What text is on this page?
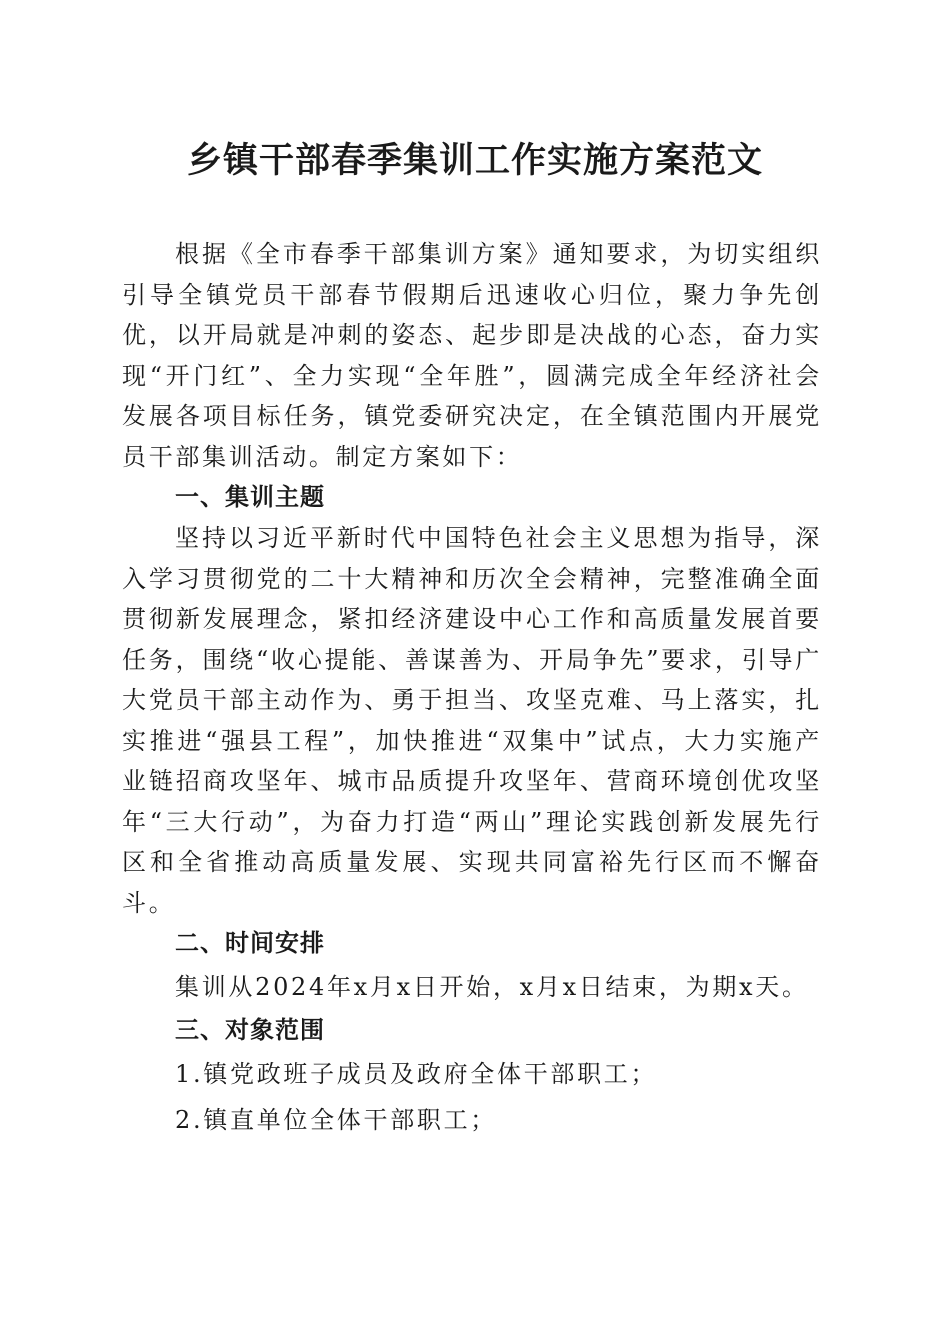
乡镇干部春季集训工作实施方案范文

根据《全市春季干部集训方案》通知要求，为切实组织引导全镇党员干部春节假期后迅速收心归位，聚力争先创优，以开局就是冲刺的姿态、起步即是决战的心态，奋力实现“开门红”、全力实现“全年胜”，圆满完成全年经济社会发展各项目标任务，镇党委研究决定，在全镇范围内开展党员干部集训活动。制定方案如下：

一、集训主题

坚持以习近平新时代中国特色社会主义思想为指导，深入学习贯彻党的二十大精神和历次全会精神，完整准确全面贯彻新发展理念，紧扣经济建设中心工作和高质量发展首要任务，围绕“收心提能、善谋善为、开局争先”要求，引导广大党员干部主动作为、勇于担当、攻坚克难、马上落实，扎实推进“强县工程”，加快推进“双集中”试点，大力实施产业链招商攻坚年、城市品质提升攻坚年、营商环境创优攻坚年“三大行动”，为奋力打造“两山”理论实践创新发展先行区和全省推动高质量发展、实现共同富裕先行区而不懈奋斗。

二、时间安排

集训从2024年x月x日开始，x月x日结束，为期x天。

三、对象范围

1.镇党政班子成员及政府全体干部职工；

2.镇直单位全体干部职工；
